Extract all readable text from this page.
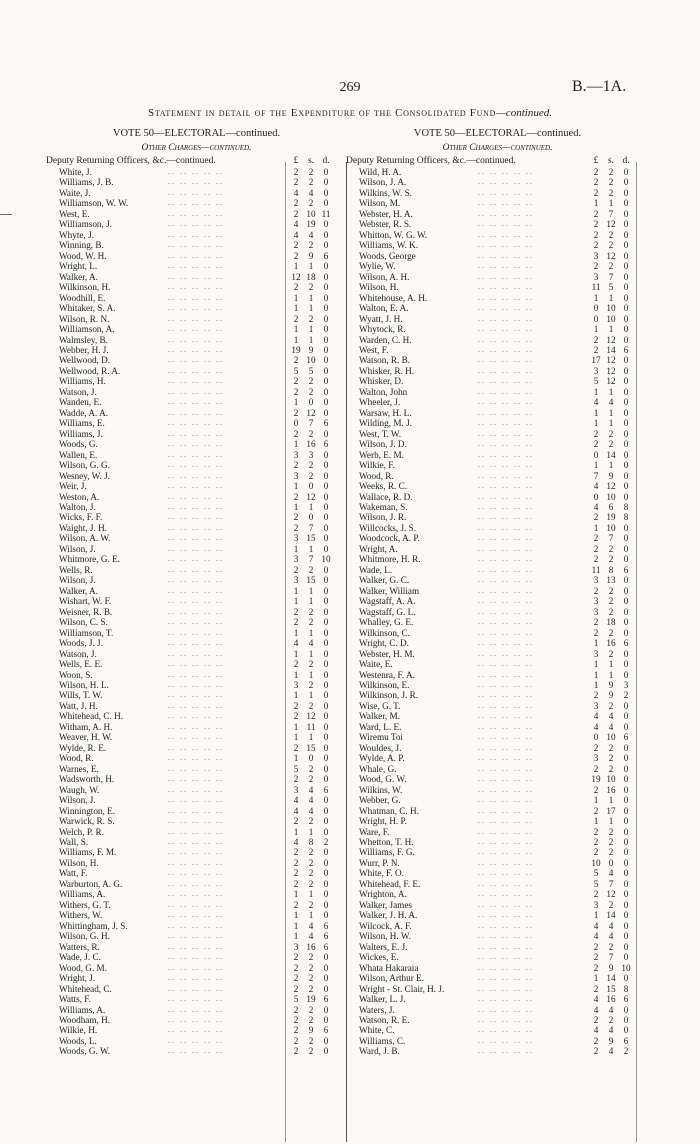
269	B.—1A.
Statement in detail of the Expenditure of the Consolidated Fund—continued.
VOTE 50—ELECTORAL—continued.
Other Charges—continued.
Deputy Returning Officers, &c.—continued.	£	s. d.
White, J.	2	2	0
.. .. .. .. ..
Williams, J. B.	2	2	0
.. .. .. .. ..
Waite, J.	4	4	0
.. .. .. .. ..
Williamson, W. W.	2	2	0
.. .. .. .. ..
West, E.	2 10 11
.. .. .. .. ..
Williamson, J.	4 19 0
.. .. .. .. ..
Whyte, J.	4	4	0
.. .. .. .. ..
Winning, B.	2	2	0
.. .. .. .. ..
Wood, W. H.	2	9	6
.. .. .. .. ..
Wright, L.	1	1	0
.. .. .. .. ..
Walker, A.	12 18 0
.. .. .. .. ..
Wilkinson, H.	2	2	0
.. .. .. .. ..
Woodhill, E.	1	1	0
.. .. .. .. ..
Whitaker, S. A.	1	1	0
.. .. .. .. ..
Wilson, R. N.	2	2	0
.. .. .. .. ..
Williamson, A.	1	1	0
.. .. .. .. ..
Walmsley, B.	1	1	0
.. .. .. .. ..
Webber, H. J.	19 9	0
.. .. .. .. ..
Wellwood, D.	2 10 0
.. .. .. .. ..
Wellwood, R. A.	5	5	0
.. .. .. .. ..
Williams, H.	2	2	0
.. .. .. .. ..
Watson, J.	2	2	0
.. .. .. .. ..
Wanden, E.	1	0	0
.. .. .. .. ..
Wadde, A. A.	2 12 0
.. .. .. .. ..
Williams, E.	0	7	6
.. .. .. .. ..
Williams, J.	2	2	0
.. .. .. .. ..
Woods, G.	1 16 6
.. .. .. .. ..
Wallen, E.	3	3	0
.. .. .. .. ..
Wilson, G. G.	2	2	0
.. .. .. .. ..
Wesney, W. J.	3	2	0
.. .. .. .. ..
Weir, J.	1	0	0
.. .. .. .. ..
Weston, A.	2 12 0
.. .. .. .. ..
Walton, J.	1	1	0
.. .. .. .. ..
Wicks, F. F.	2	0	0
.. .. .. .. ..
Waight, J. H.	2	7	0
.. .. .. .. ..
Wilson, A. W.	3 15 0
.. .. .. .. ..
Wilson, J.	1	1	0
.. .. .. .. ..
Whitmore, G. E.	3	7 10
.. .. .. .. ..
Wells, R.	2	2	0
.. .. .. .. ..
Wilson, J.	3 15 0
.. .. .. .. ..
Walker, A.	1	1	0
.. .. .. .. ..
Wishart, W. F.	1	1	0
.. .. .. .. ..
Weisner, R. B.	2	2	0
.. .. .. .. ..
Wilson, C. S.	2	2	0
.. .. .. .. ..
Williamson, T.	1	1	0
.. .. .. .. ..
Woods, J. J.	4	4	0
.. .. .. .. ..
Watson, J.	1	1	0
.. .. .. .. ..
Wells, E. E.	2	2	0
.. .. .. .. ..
Woon, S.	1	1	0
.. .. .. .. ..
Wilson, H. L.	3	2	0
.. .. .. .. ..
Wills, T. W.	1	1	0
.. .. .. .. ..
Watt, J. H.	2	2	0
.. .. .. .. ..
Whitehead, C. H.	2 12 0
.. .. .. .. ..
Witham, A. H.	1 11 0
.. .. .. .. ..
Weaver, H. W.	1	1	0
.. .. .. .. ..
Wylde, R. E.	2 15 0
.. .. .. .. ..
Wood, R.	1	0	0
.. .. .. .. ..
Warnes, E.	5	2	0
.. .. .. .. ..
Wadsworth, H.	2	2	0
.. .. .. .. ..
Waugh, W.	3	4	6
.. .. .. .. ..
Wilson, J.	4	4	0
.. .. .. .. ..
Winnington, E.	4	4	0
.. .. .. .. ..
Warwick, R. S.	2	2	0
.. .. .. .. ..
Welch, P. R.	1	1	0
.. .. .. .. ..
Wall, S.	4	8	2
.. .. .. .. ..
Williams, F. M.	2	2	0
.. .. .. .. ..
Wilson, H.	2	2	0
.. .. .. .. ..
Watt, F.	2	2	0
.. .. .. .. ..
Warburton, A. G.	2	2	0
.. .. .. .. ..
Williams, A.	1	1	0
.. .. .. .. ..
Withers, G. T.	2	2	0
.. .. .. .. ..
Withers, W.	1	1	0
.. .. .. .. ..
Whittingham, J. S.	1	4	6
.. .. .. .. ..
Wilson, G. H.	1	4	6
.. .. .. .. ..
Watters, R.	3 16 6
.. .. .. .. ..
Wade, J. C.	2	2	0
.. .. .. .. ..
Wood, G. M.	2	2	0
.. .. .. .. ..
Wright, J.	2	2	0
.. .. .. .. ..
Whitehead, C.	2	2	0
.. .. .. .. ..
Watts, F.	5 19 6
.. .. .. .. ..
Williams, A.	2	2	0
.. .. .. .. ..
Woodham, H.	2	2	0
.. .. .. .. ..
Wilkie, H.	2	9	6
.. .. .. .. ..
Woods, L.	2	2	0
.. .. .. .. ..
Woods, G. W.	2	2	0
.. .. .. .. ..
VOTE 50—ELECTORAL—continued.
Other Charges—continued.
Deputy Returning Officers, &c.—continued.	£	s. d.
Wild, H. A.	2	2	0
.. .. .. .. ..
Wilson, J. A.	2	2	0
.. .. .. .. ..
Wilkins, W. S.	2	2	0
.. .. .. .. ..
Wilson, M.	1	1	0
.. .. .. .. ..
Webster, H. A.	2	7	0
.. .. .. .. ..
Webster, R. S.	2 12 0
.. .. .. .. ..
Whitton, W. G. W.	2	2	0
.. .. .. .. ..
Williams, W. K.	2	2	0
.. .. .. .. ..
Woods, George	3 12 0
.. .. .. .. ..
Wylie, W.	2	2	0
.. .. .. .. ..
Wilson, A. H.	3	7	0
.. .. .. .. ..
Wilson, H.	11 5	0
.. .. .. .. ..
Whitehouse, A. H.	1	1	0
.. .. .. .. ..
Walton, E. A.	0 10 0
.. .. .. .. ..
Wyatt, J. H.	0 10 0
.. .. .. .. ..
Whytock, R.	1	1	0
.. .. .. .. ..
Warden, C. H.	2 12 0
.. .. .. .. ..
West, F.	2 14 6
.. .. .. .. ..
Watson, R. B.	17 12 0
.. .. .. .. ..
Whisker, R. H.	3 12 0
.. .. .. .. ..
Whisker, D.	5 12 0
.. .. .. .. ..
Walton, John	1	1	0
.. .. .. .. ..
Wheeler, J.	4	4	0
.. .. .. .. ..
Warsaw, H. L.	1	1	0
.. .. .. .. ..
Wilding, M. J.	1	1	0
.. .. .. .. ..
West, T. W.	2	2	0
.. .. .. .. ..
Wilson, J. D.	2	2	0
.. .. .. .. ..
Werb, E. M.	0 14 0
.. .. .. .. ..
Wilkie, F.	1	1	0
.. .. .. .. ..
Wood, R.	7	9	0
.. .. .. .. ..
Weeks, R. C.	4 12 0
.. .. .. .. ..
Wallace, R. D.	0 10 0
.. .. .. .. ..
Wakeman, S.	4	6	8
.. .. .. .. ..
Wilson, J. R.	2 19 8
.. .. .. .. ..
Willcocks, J. S.	1 10 0
.. .. .. .. ..
Woodcock, A. P.	2	7	0
.. .. .. .. ..
Wright, A.	2	2	0
.. .. .. .. ..
Whitmore, H. R.	2	2	0
.. .. .. .. ..
Wade, L.	11 8	6
.. .. .. .. ..
Walker, G. C.	3 13 0
.. .. .. .. ..
Walker, William	2	2	0
.. .. .. .. ..
Wagstaff, A. A.	3	2	0
.. .. .. .. ..
Wagstaff, G. L.	3	2	0
.. .. .. .. ..
Whalley, G. E.	2 18 0
.. .. .. .. ..
Wilkinson, C.	2	2	0
.. .. .. .. ..
Wright, C. D.	1 16 6
.. .. .. .. ..
Webster, H. M.	3	2	0
.. .. .. .. ..
Waite, E.	1	1	0
.. .. .. .. ..
Westenra, F. A.	1	1	0
.. .. .. .. ..
Wilkinson, E.	1	9	3
.. .. .. .. ..
Wilkinson, J. R.	2	9	2
.. .. .. .. ..
Wise, G. T.	3	2	0
.. .. .. .. ..
Walker, M.	4	4	0
.. .. .. .. ..
Ward, L. E.	4	4	0
.. .. .. .. ..
Wiremu Toi	0 10 6
.. .. .. .. ..
Wouldes, J.	2	2	0
.. .. .. .. ..
Wylde, A. P.	3	2	0
.. .. .. .. ..
Whale, G.	2	2	0
.. .. .. .. ..
Wood, G. W.	19 10 0
.. .. .. .. ..
Wilkins, W.	2 16 0
.. .. .. .. ..
Webber, G.	1	1	0
.. .. .. .. ..
Whatman, C. H.	2 17 0
.. .. .. .. ..
Wright, H. P.	1	1	0
.. .. .. .. ..
Ware, F.	2	2	0
.. .. .. .. ..
Whetton, T. H.	2	2	0
.. .. .. .. ..
Williams, F. G.	2	2	0
.. .. .. .. ..
Wurr, P. N.	10 0	0
.. .. .. .. ..
White, F. O.	5	4	0
.. .. .. .. ..
Whitehead, F. E.	5	7	0
.. .. .. .. ..
Wrighton, A.	2 12 0
.. .. .. .. ..
Walker, James	3	2	0
.. .. .. .. ..
Walker, J. H. A.	1 14 0
.. .. .. .. ..
Wilcock, A. F.	4	4	0
.. .. .. .. ..
Wilson, H. W.	4	4	0
.. .. .. .. ..
Walters, E. J.	2	2	0
.. .. .. .. ..
Wickes, E.	2	7	0
.. .. .. .. ..
Whata Hakaraia	2	9 10
.. .. .. .. ..
Wilson, Arthur E.	1 14 0
.. .. .. .. ..
Wright - St. Clair, H. J.	2 15 8
.. .. .. .. ..
Walker, L. J.	4 16 6
.. .. .. .. ..
Waters, J.	4	4	0
.. .. .. .. ..
Watson, R. E.	2	2	0
.. .. .. .. ..
White, C.	4	4	0
.. .. .. .. ..
Williams, C.	2	9	6
.. .. .. .. ..
Ward, J. B.	2	4	2
.. .. .. .. ..
